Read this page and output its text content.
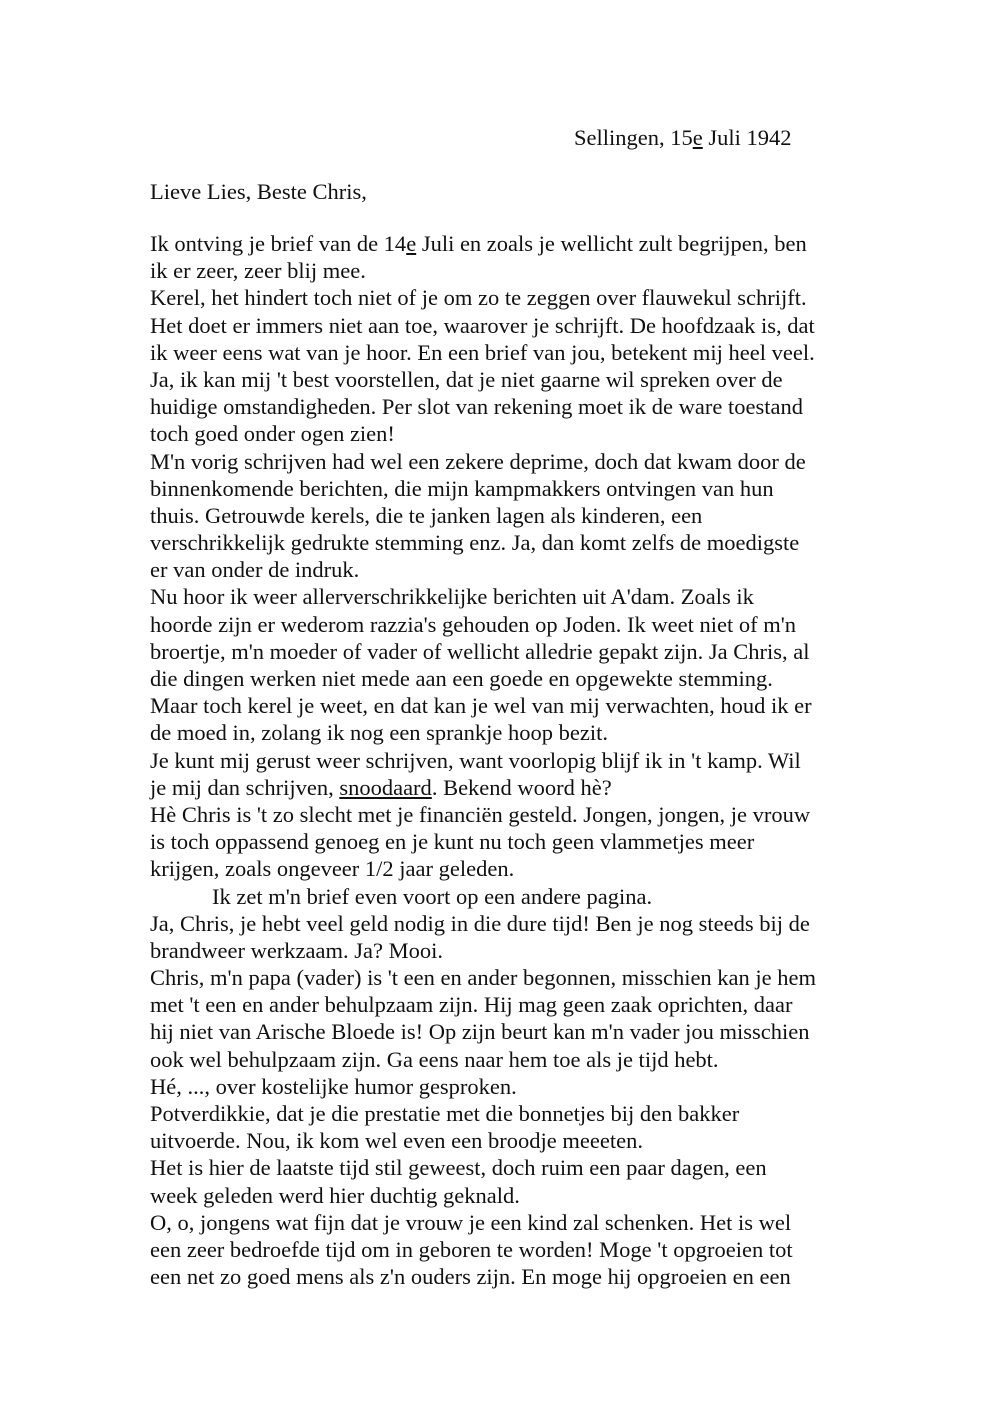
Sellingen, 15e Juli 1942
Lieve Lies, Beste Chris,
Ik ontving je brief van de 14e Juli en zoals je wellicht zult begrijpen, ben
ik er zeer, zeer blij mee.
Kerel, het hindert toch niet of je om zo te zeggen over flauwekul schrijft.
Het doet er immers niet aan toe, waarover je schrijft. De hoofdzaak is, dat
ik weer eens wat van je hoor. En een brief van jou, betekent mij heel veel.
Ja, ik kan mij 't best voorstellen, dat je niet gaarne wil spreken over de
huidige omstandigheden. Per slot van rekening moet ik de ware toestand
toch goed onder ogen zien!
M'n vorig schrijven had wel een zekere deprime, doch dat kwam door de
binnenkomende berichten, die mijn kampmakkers ontvingen van hun
thuis. Getrouwde kerels, die te janken lagen als kinderen, een
verschrikkelijk gedrukte stemming enz. Ja, dan komt zelfs de moedigste
er van onder de indruk.
Nu hoor ik weer allerverschrikkelijke berichten uit A'dam. Zoals ik
hoorde zijn er wederom razzia's gehouden op Joden. Ik weet niet of m'n
broertje, m'n moeder of vader of wellicht alledrie gepakt zijn. Ja Chris, al
die dingen werken niet mede aan een goede en opgewekte stemming.
Maar toch kerel je weet, en dat kan je wel van mij verwachten, houd ik er
de moed in, zolang ik nog een sprankje hoop bezit.
Je kunt mij gerust weer schrijven, want voorlopig blijf ik in 't kamp. Wil
je mij dan schrijven, snoodaard. Bekend woord hè?
Hè Chris is 't zo slecht met je financiën gesteld. Jongen, jongen, je vrouw
is toch oppassend genoeg en je kunt nu toch geen vlammetjes meer
krijgen, zoals ongeveer 1/2 jaar geleden.
Ik zet m'n brief even voort op een andere pagina.
Ja, Chris, je hebt veel geld nodig in die dure tijd! Ben je nog steeds bij de
brandweer werkzaam. Ja? Mooi.
Chris, m'n papa (vader) is 't een en ander begonnen, misschien kan je hem
met 't een en ander behulpzaam zijn. Hij mag geen zaak oprichten, daar
hij niet van Arische Bloede is! Op zijn beurt kan m'n vader jou misschien
ook wel behulpzaam zijn. Ga eens naar hem toe als je tijd hebt.
Hé, ..., over kostelijke humor gesproken.
Potverdikkie, dat je die prestatie met die bonnetjes bij den bakker
uitvoerde. Nou, ik kom wel even een broodje meeeten.
Het is hier de laatste tijd stil geweest, doch ruim een paar dagen, een
week geleden werd hier duchtig geknald.
O, o, jongens wat fijn dat je vrouw je een kind zal schenken. Het is wel
een zeer bedroefde tijd om in geboren te worden! Moge 't opgroeien tot
een net zo goed mens als z'n ouders zijn. En moge hij opgroeien en een
